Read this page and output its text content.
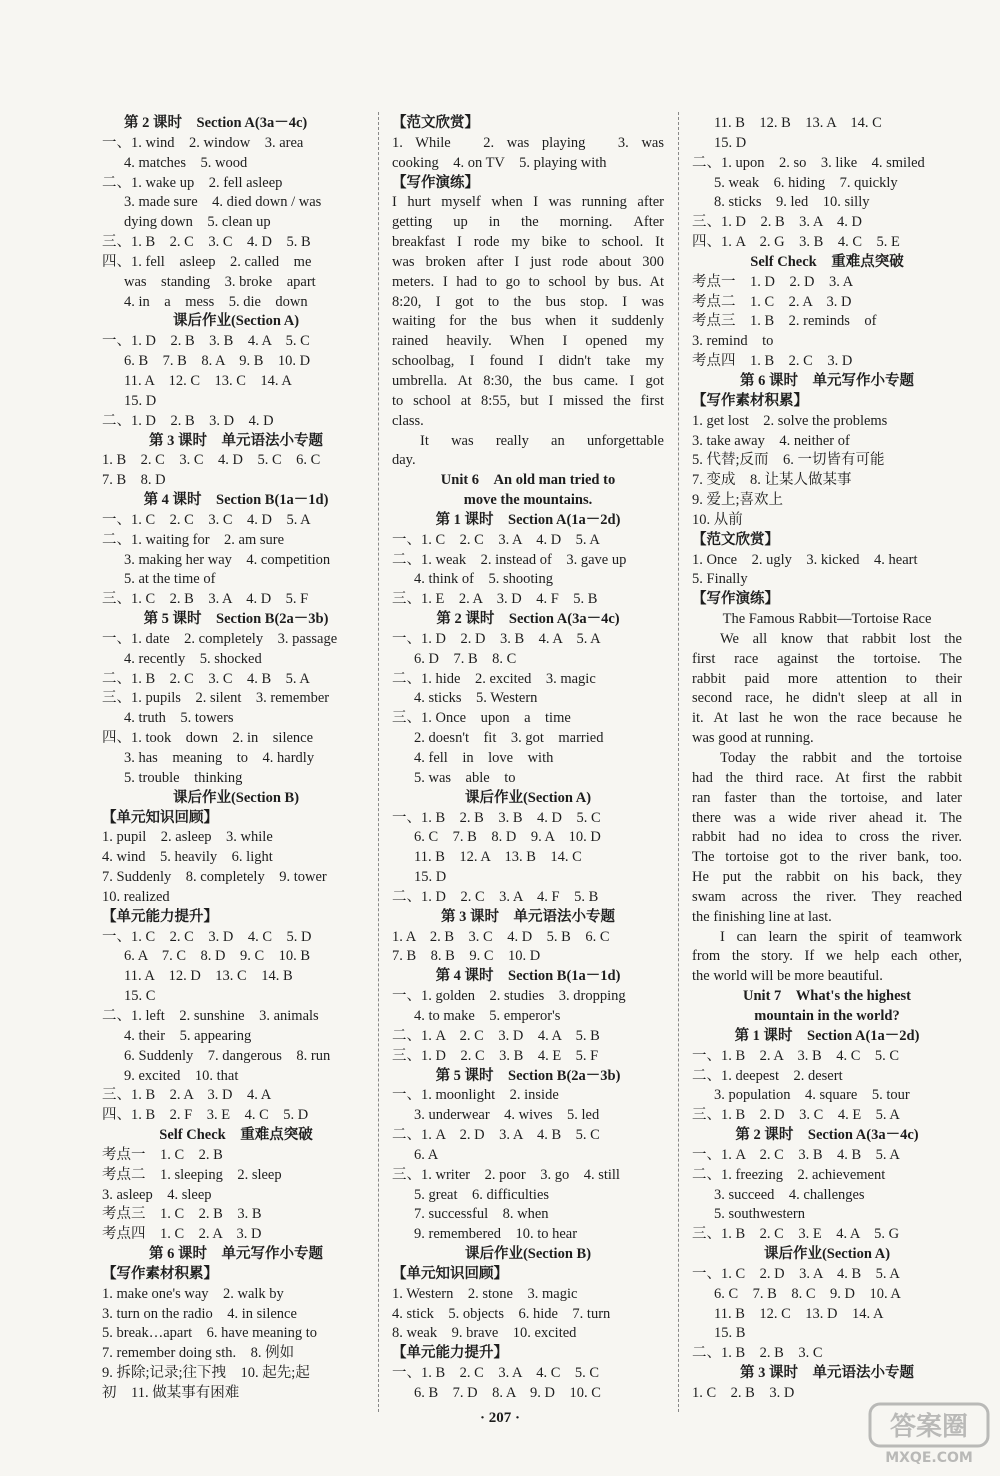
第 2 课时　Section A(3a－4c)
一、1. wind　2. window　3. area
4. matches　5. wood
二、1. wake up　2. fell asleep
3. made sure　4. died down / was
dying down　5. clean up
三、1. B　2. C　3. C　4. D　5. B
四、1. fell　asleep　2. called　me
was　standing　3. broke　apart
4. in　a　mess　5. die　down
课后作业(Section A)
一、1. D　2. B　3. B　4. A　5. C
6. B　7. B　8. A　9. B　10. D
11. A　12. C　13. C　14. A
15. D
二、1. D　2. B　3. D　4. D
第 3 课时　单元语法小专题
1. B　2. C　3. C　4. D　5. C　6. C
7. B　8. D
第 4 课时　Section B(1a－1d)
一、1. C　2. C　3. C　4. D　5. A
二、1. waiting for　2. am sure
3. making her way　4. competition
5. at the time of
三、1. C　2. B　3. A　4. D　5. F
第 5 课时　Section B(2a－3b)
一、1. date　2. completely　3. passage
4. recently　5. shocked
二、1. B　2. C　3. C　4. B　5. A
三、1. pupils　2. silent　3. remember
4. truth　5. towers
四、1. took　down　2. in　silence
3. has　meaning　to　4. hardly
5. trouble　thinking
课后作业(Section B)
【单元知识回顾】
1. pupil　2. asleep　3. while
4. wind　5. heavily　6. light
7. Suddenly　8. completely　9. tower
10. realized
【单元能力提升】
一、1. C　2. C　3. D　4. C　5. D
6. A　7. C　8. D　9. C　10. B
11. A　12. D　13. C　14. B
15. C
二、1. left　2. sunshine　3. animals
4. their　5. appearing
6. Suddenly　7. dangerous　8. run
9. excited　10. that
三、1. B　2. A　3. D　4. A
四、1. B　2. F　3. E　4. C　5. D
Self Check　重难点突破
考点一　1. C　2. B
考点二　1. sleeping　2. sleep
3. asleep　4. sleep
考点三　1. C　2. B　3. B
考点四　1. C　2. A　3. D
第 6 课时　单元写作小专题
【写作素材积累】
1. make one's way　2. walk by
3. turn on the radio　4. in silence
5. break…apart　6. have meaning to
7. remember doing sth.　8. 例如
9. 拆除;记录;往下拽　10. 起先;起
初　11. 做某事有困难
【范文欣赏】
1. While　2. was playing　3. was
cooking　4. on TV　5. playing with
【写作演练】
I hurt myself when I was running after
getting　up　in　the　morning.　After
breakfast I rode my bike to school. It
was broken after I just rode about 300
meters. I had to go to school by bus. At
8:20, I got to the bus stop. I was
waiting for the bus when it suddenly
rained heavily. When I opened my
schoolbag, I found I didn't take my
umbrella. At 8:30, the bus came. I got
to school at 8:55, but I missed the first
class.
It was really an unforgettable
day.
Unit 6　An old man tried to
move the mountains.
第 1 课时　Section A(1a－2d)
一、1. C　2. C　3. A　4. D　5. A
二、1. weak　2. instead of　3. gave up
4. think of　5. shooting
三、1. E　2. A　3. D　4. F　5. B
第 2 课时　Section A(3a－4c)
一、1. D　2. D　3. B　4. A　5. A
6. D　7. B　8. C
二、1. hide　2. excited　3. magic
4. sticks　5. Western
三、1. Once　upon　a　time
2. doesn't　fit　3. got　married
4. fell　in　love　with
5. was　able　to
课后作业(Section A)
一、1. B　2. B　3. B　4. D　5. C
6. C　7. B　8. D　9. A　10. D
11. B　12. A　13. B　14. C
15. D
二、1. D　2. C　3. A　4. F　5. B
第 3 课时　单元语法小专题
1. A　2. B　3. C　4. D　5. B　6. C
7. B　8. B　9. C　10. D
第 4 课时　Section B(1a－1d)
一、1. golden　2. studies　3. dropping
4. to make　5. emperor's
二、1. A　2. C　3. D　4. A　5. B
三、1. D　2. C　3. B　4. E　5. F
第 5 课时　Section B(2a－3b)
一、1. moonlight　2. inside
3. underwear　4. wives　5. led
二、1. A　2. D　3. A　4. B　5. C
6. A
三、1. writer　2. poor　3. go　4. still
5. great　6. difficulties
7. successful　8. when
9. remembered　10. to hear
课后作业(Section B)
【单元知识回顾】
1. Western　2. stone　3. magic
4. stick　5. objects　6. hide　7. turn
8. weak　9. brave　10. excited
【单元能力提升】
一、1. B　2. C　3. A　4. C　5. C
6. B　7. D　8. A　9. D　10. C
11. B　12. B　13. A　14. C
15. D
二、1. upon　2. so　3. like　4. smiled
5. weak　6. hiding　7. quickly
8. sticks　9. led　10. silly
三、1. D　2. B　3. A　4. D
四、1. A　2. G　3. B　4. C　5. E
Self Check　重难点突破
考点一　1. D　2. D　3. A
考点二　1. C　2. A　3. D
考点三　1. B　2. reminds　of
3. remind　to
考点四　1. B　2. C　3. D
第 6 课时　单元写作小专题
【写作素材积累】
1. get lost　2. solve the problems
3. take away　4. neither of
5. 代替;反而　6. 一切皆有可能
7. 变成　8. 让某人做某事
9. 爱上;喜欢上
10. 从前
【范文欣赏】
1. Once　2. ugly　3. kicked　4. heart
5. Finally
【写作演练】
The Famous Rabbit—Tortoise Race
We all know that rabbit lost the
first　race　against　the　tortoise.　The
rabbit　paid　more　attention　to　their
second race, he didn't sleep at all in
it. At last he won the race because he
was good at running.
Today the rabbit and the tortoise
had the third race. At first the rabbit
ran faster than the tortoise, and later
there was a wide river ahead it. The
rabbit had no idea to cross the river.
The tortoise got to the river bank, too.
He put the rabbit on his back, they
swam across the river. They reached
the finishing line at last.
I can learn the spirit of teamwork
from the story. If we help each other,
the world will be more beautiful.
Unit 7　What's the highest
mountain in the world?
第 1 课时　Section A(1a－2d)
一、1. B　2. A　3. B　4. C　5. C
二、1. deepest　2. desert
3. population　4. square　5. tour
三、1. B　2. D　3. C　4. E　5. A
第 2 课时　Section A(3a－4c)
一、1. A　2. C　3. B　4. B　5. A
二、1. freezing　2. achievement
3. succeed　4. challenges
5. southwestern
三、1. B　2. C　3. E　4. A　5. G
课后作业(Section A)
一、1. C　2. D　3. A　4. B　5. A
6. C　7. B　8. C　9. D　10. A
11. B　12. C　13. D　14. A
15. B
二、1. B　2. B　3. C
第 3 课时　单元语法小专题
1. C　2. B　3. D
· 207 ·	答案圈
MXQE.COM
